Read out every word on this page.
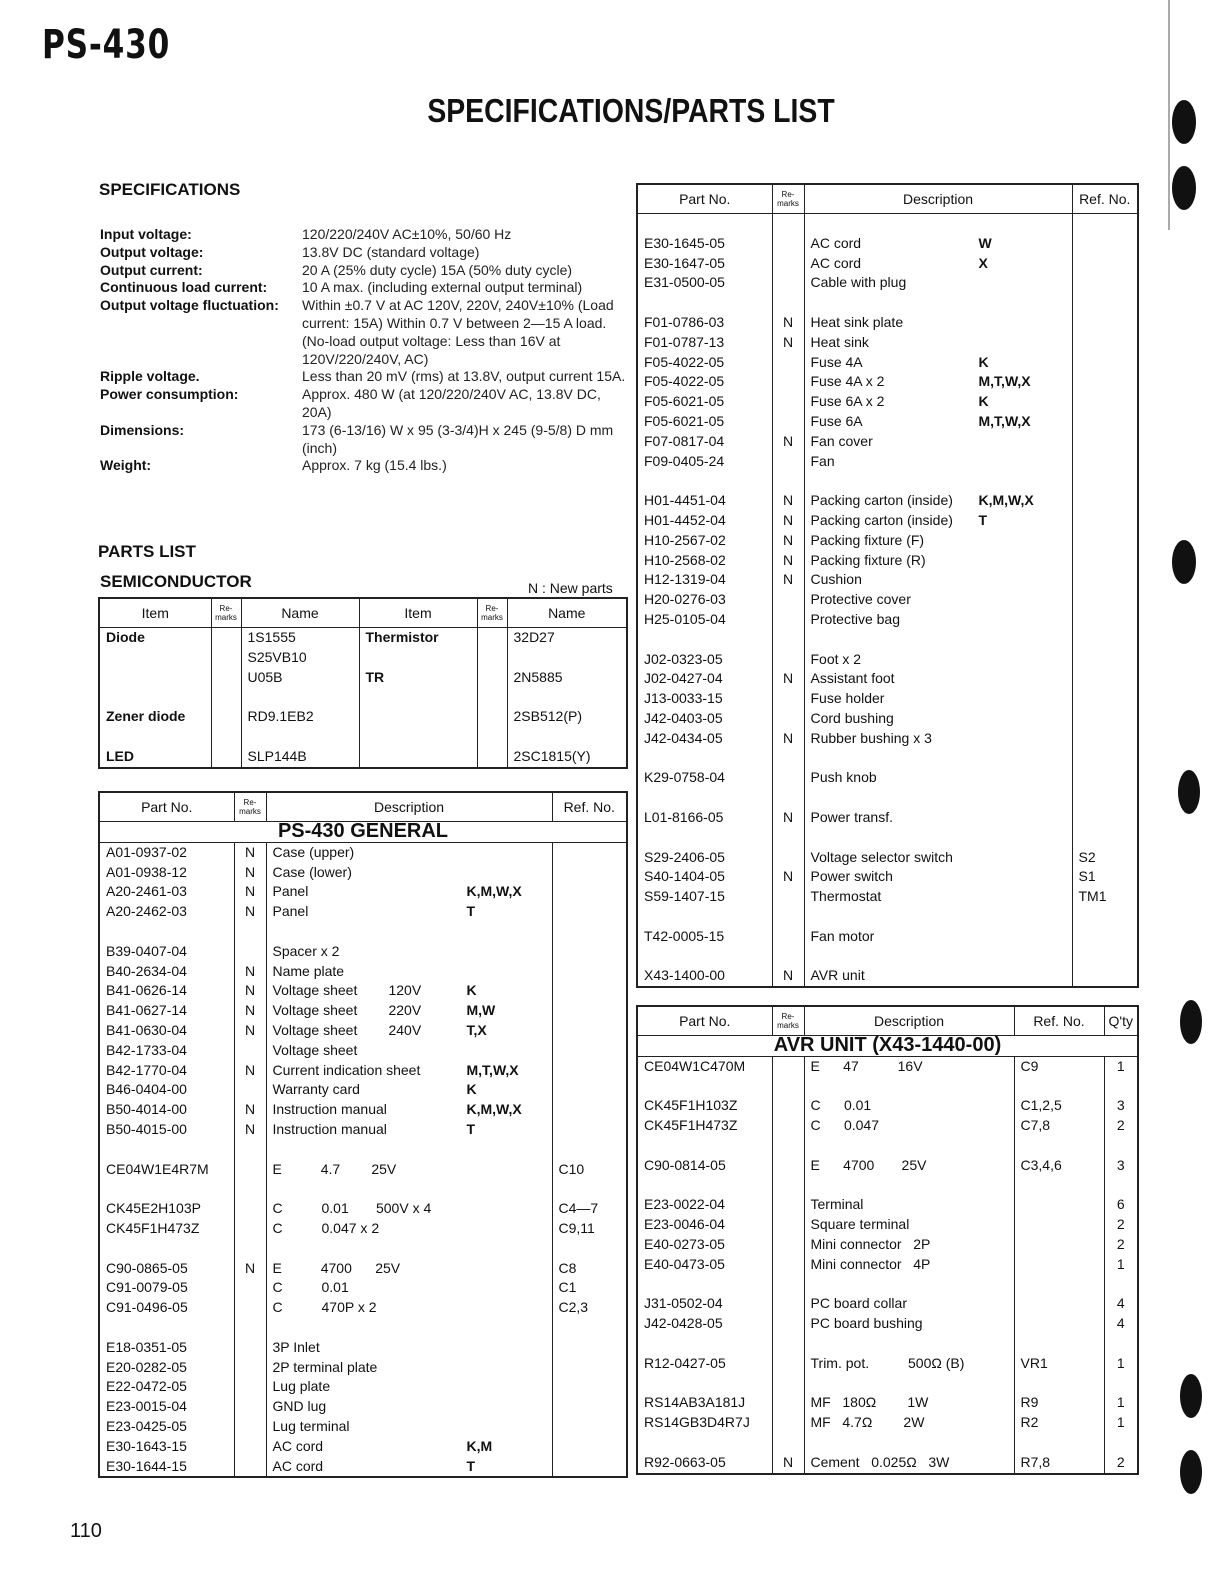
PS-430
SPECIFICATIONS/PARTS LIST
SPECIFICATIONS
Input voltage:	120/220/240V AC±10%, 50/60 Hz
Output voltage:	13.8V DC (standard voltage)
Output current:	20 A (25% duty cycle) 15A (50% duty cycle)
Continuous load current:	10 A max. (including external output terminal)
Output voltage fluctuation:	Within ±0.7 V at AC 120V, 220V, 240V±10% (Load current: 15A) Within 0.7 V between 2—15 A load. (No-load output voltage: Less than 16V at 120V/220/240V, AC)
Ripple voltage.	Less than 20 mV (rms) at 13.8V, output current 15A.
Power consumption:	Approx. 480 W (at 120/220/240V AC, 13.8V DC, 20A)
Dimensions:	173 (6-13/16) W x 95 (3-3/4)H x 245 (9-5/8) D mm (inch)
Weight:	Approx. 7 kg (15.4 lbs.)
PARTS LIST
SEMICONDUCTOR	N : New parts
Item	Re-marks	Name	Item	Re-marks	Name
Diode		1S1555	Thermistor		32D27
		S25VB10			
		U05B	TR		2N5885

Zener diode		RD9.1EB2			2SB512(P)

LED		SLP144B			2SC1815(Y)
Part No.	Re-marks	Description	Ref. No.
PS-430 GENERAL			
A01-0937-02	N	Case (upper)

A01-0938-12	N	Case (lower)

A20-2461-03	N	Panel K,M,W,X	

A20-2462-03	N	Panel T	

B39-0407-04		Spacer x 2

B40-2634-04	N	Name plate

B41-0626-14	N	Voltage sheet        120V K	

B41-0627-14	N	Voltage sheet        220V M,W	

B41-0630-04	N	Voltage sheet        240V T,X	

B42-1733-04		Voltage sheet

B42-1770-04	N	Current indication sheet M,T,W,X	

B46-0404-00		Warranty card K	

B50-4014-00	N	Instruction manual K,M,W,X	

B50-4015-00	N	Instruction manual T	

CE04W1E4R7M		E          4.7        25V	C10

CK45E2H103P		C          0.01       500V x 4	C4—7
CK45F1H473Z		C          0.047 x 2	C9,11

C90-0865-05	N	E          4700      25V	C8
C91-0079-05		C          0.01	C1
C91-0496-05		C          470P x 2	C2,3

E18-0351-05		3P Inlet

E20-0282-05		2P terminal plate

E22-0472-05		Lug plate

E23-0015-04		GND lug

E23-0425-05		Lug terminal

E30-1643-15		AC cord K,M	

E30-1644-15		AC cord T	

Part No.	Re-marks	Description	Ref. No.

E30-1645-05		AC cord W	

E30-1647-05		AC cord X	

E31-0500-05		Cable with plug

F01-0786-03	N	Heat sink plate

F01-0787-13	N	Heat sink

F05-4022-05		Fuse 4A K	

F05-4022-05		Fuse 4A x 2 M,T,W,X	

F05-6021-05		Fuse 6A x 2 K	

F05-6021-05		Fuse 6A M,T,W,X	

F07-0817-04	N	Fan cover

F09-0405-24		Fan

H01-4451-04	N	Packing carton (inside) K,M,W,X	

H01-4452-04	N	Packing carton (inside) T	

H10-2567-02	N	Packing fixture (F)

H10-2568-02	N	Packing fixture (R)

H12-1319-04	N	Cushion

H20-0276-03		Protective cover

H25-0105-04		Protective bag

J02-0323-05		Foot x 2

J02-0427-04	N	Assistant foot

J13-0033-15		Fuse holder

J42-0403-05		Cord bushing

J42-0434-05	N	Rubber bushing x 3

K29-0758-04		Push knob

L01-8166-05	N	Power transf.

S29-2406-05		Voltage selector switch	S2
S40-1404-05	N	Power switch	S1
S59-1407-15		Thermostat	TM1

T42-0005-15		Fan motor

X43-1400-00	N	AVR unit

Part No.	Re-marks	Description	Ref. No.	Q'ty
AVR UNIT (X43-1440-00)				
CE04W1C470M		E      47          16V	C9	1

CK45F1H103Z		C      0.01	C1,2,5	3
CK45F1H473Z		C      0.047	C7,8	2

C90-0814-05		E      4700       25V	C3,4,6	3

E23-0022-04		Terminal		6
E23-0046-04		Square terminal		2
E40-0273-05		Mini connector   2P		2
E40-0473-05		Mini connector   4P		1

J31-0502-04		PC board collar		4
J42-0428-05		PC board bushing		4

R12-0427-05		Trim. pot.          500Ω (B)	VR1	1

RS14AB3A181J		MF   180Ω        1W	R9	1
RS14GB3D4R7J		MF   4.7Ω        2W	R2	1

R92-0663-05	N	Cement   0.025Ω   3W	R7,8	2
110
